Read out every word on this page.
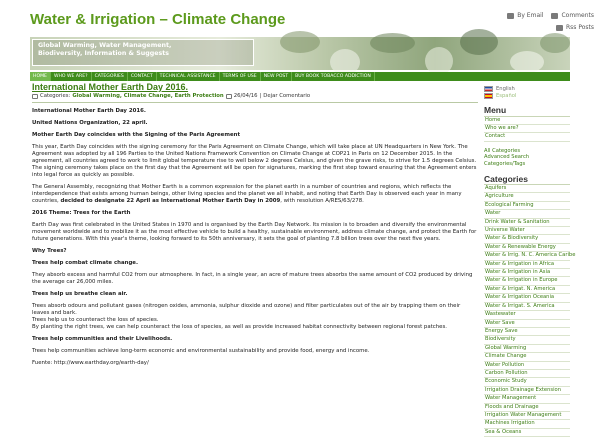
Water & Irrigation – Climate Change	By Email	Comments
Rss Posts
Global Warming, Water Management,
Biodiversity, Information & Suggests
HOME	WHO WE ARE?	CATEGORIES	CONTACT	TECHNICAL ASSISTANCE	TERMS OF USE	NEW POST	BUY BOOK TOBACCO ADDICTION
International Mother Earth Day 2016.
Categories: Global Warming, Climate Change, Earth Protection 26/04/16 | Dejar Comentario

International Mother Earth Day 2016.

United Nations Organization, 22 april.

Mother Earth Day coincides with the Signing of the Paris Agreement

This year, Earth Day coincides with the signing ceremony for the Paris Agreement on Climate Change, which will take place at UN Headquarters in New York. The Agreement was adopted by all 196 Parties to the United Nations Framework Convention on Climate Change at COP21 in Paris on 12 December 2015. In the agreement, all countries agreed to work to limit global temperature rise to well below 2 degrees Celsius, and given the grave risks, to strive for 1.5 degrees Celsius. The signing ceremony takes place on the first day that the Agreement will be open for signatures, marking the first step toward ensuring that the Agreement enters into legal force as quickly as possible.

The General Assembly, recognizing that Mother Earth is a common expression for the planet earth in a number of countries and regions, which reflects the interdependence that exists among human beings, other living species and the planet we all inhabit, and noting that Earth Day is observed each year in many countries, decided to designate 22 April as International Mother Earth Day in 2009, with resolution A/RES/63/278.

2016 Theme: Trees for the Earth

Earth Day was first celebrated in the United States in 1970 and is organised by the Earth Day Network. Its mission is to broaden and diversify the environmental movement worldwide and to mobilize it as the most effective vehicle to build a healthy, sustainable environment, address climate change, and protect the Earth for future generations. With this year's theme, looking forward to its 50th anniversary, it sets the goal of planting 7.8 billion trees over the next five years.

Why Trees?

Trees help combat climate change.

They absorb excess and harmful CO2 from our atmosphere. In fact, in a single year, an acre of mature trees absorbs the same amount of CO2 produced by driving the average car 26,000 miles.

Trees help us breathe clean air.

Trees absorb odours and pollutant gases (nitrogen oxides, ammonia, sulphur dioxide and ozone) and filter particulates out of the air by trapping them on their leaves and bark.
Trees help us to counteract the loss of species.
By planting the right trees, we can help counteract the loss of species, as well as provide increased habitat connectivity between regional forest patches.

Trees help communities and their Livelihoods.

Trees help communities achieve long-term economic and environmental sustainability and provide food, energy and income.

Fuente: http://www.earthday.org/earth-day/

English
Español
Menu
Home
Who we are?
Contact
All Categories
Advanced Search
Categories/Tags
Categories
Aquifers
Agriculture
Ecological Farming
Water
Drink Water & Sanitation
Universe Water
Water & Biodiversity
Water & Renewable Energy
Water & Irrig. N. C. America Caribe
Water & Irrigation in Africa
Water & Irrigation in Asia
Water & Irrigation in Europe
Water & Irrigat. N. America
Water & Irrigation Oceania
Water & Irrigat. S. America
Wastewater
Water Save
Energy Save
Biodiversity
Global Warming
Climate Change
Water Pollution
Carbon Pollution
Economic Study
Irrigation Drainage Extension
Water Management
Floods and Drainage
Irrigation Water Management
Machines Irrigation
Sea & Oceans
